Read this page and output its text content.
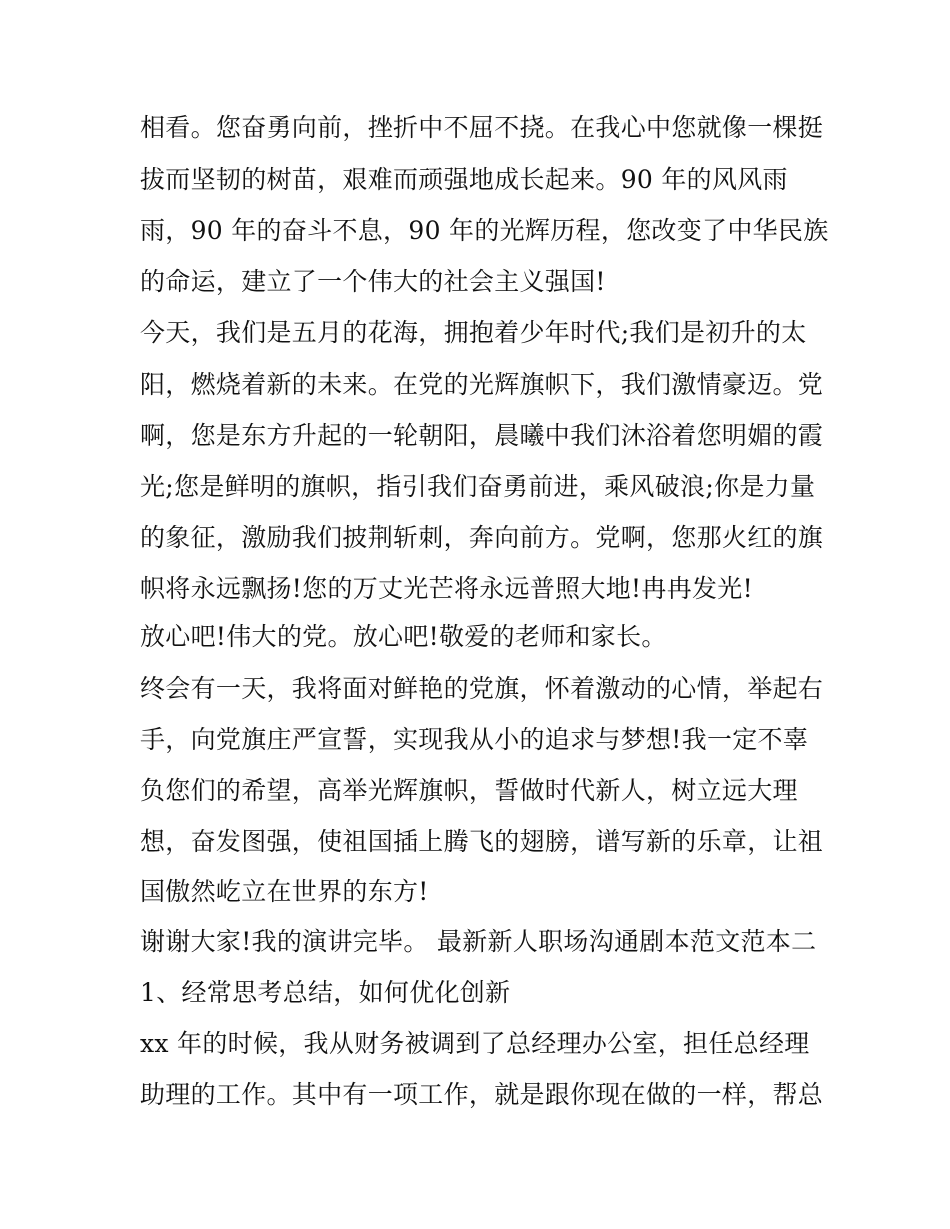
相看。您奋勇向前，挫折中不屈不挠。在我心中您就像一棵挺
拔而坚韧的树苗，艰难而顽强地成长起来。90 年的风风雨
雨，90 年的奋斗不息，90 年的光辉历程，您改变了中华民族
的命运，建立了一个伟大的社会主义强国!
今天，我们是五月的花海，拥抱着少年时代;我们是初升的太
阳，燃烧着新的未来。在党的光辉旗帜下，我们激情豪迈。党
啊，您是东方升起的一轮朝阳，晨曦中我们沐浴着您明媚的霞
光;您是鲜明的旗帜，指引我们奋勇前进，乘风破浪;你是力量
的象征，激励我们披荆斩刺，奔向前方。党啊，您那火红的旗
帜将永远飘扬!您的万丈光芒将永远普照大地!冉冉发光!
放心吧!伟大的党。放心吧!敬爱的老师和家长。
终会有一天，我将面对鲜艳的党旗，怀着激动的心情，举起右
手，向党旗庄严宣誓，实现我从小的追求与梦想!我一定不辜
负您们的希望，高举光辉旗帜，誓做时代新人，树立远大理
想，奋发图强，使祖国插上腾飞的翅膀，谱写新的乐章，让祖
国傲然屹立在世界的东方!
谢谢大家!我的演讲完毕。 最新新人职场沟通剧本范文范本二
1、经常思考总结，如何优化创新
xx 年的时候，我从财务被调到了总经理办公室，担任总经理
助理的工作。其中有一项工作，就是跟你现在做的一样，帮总
